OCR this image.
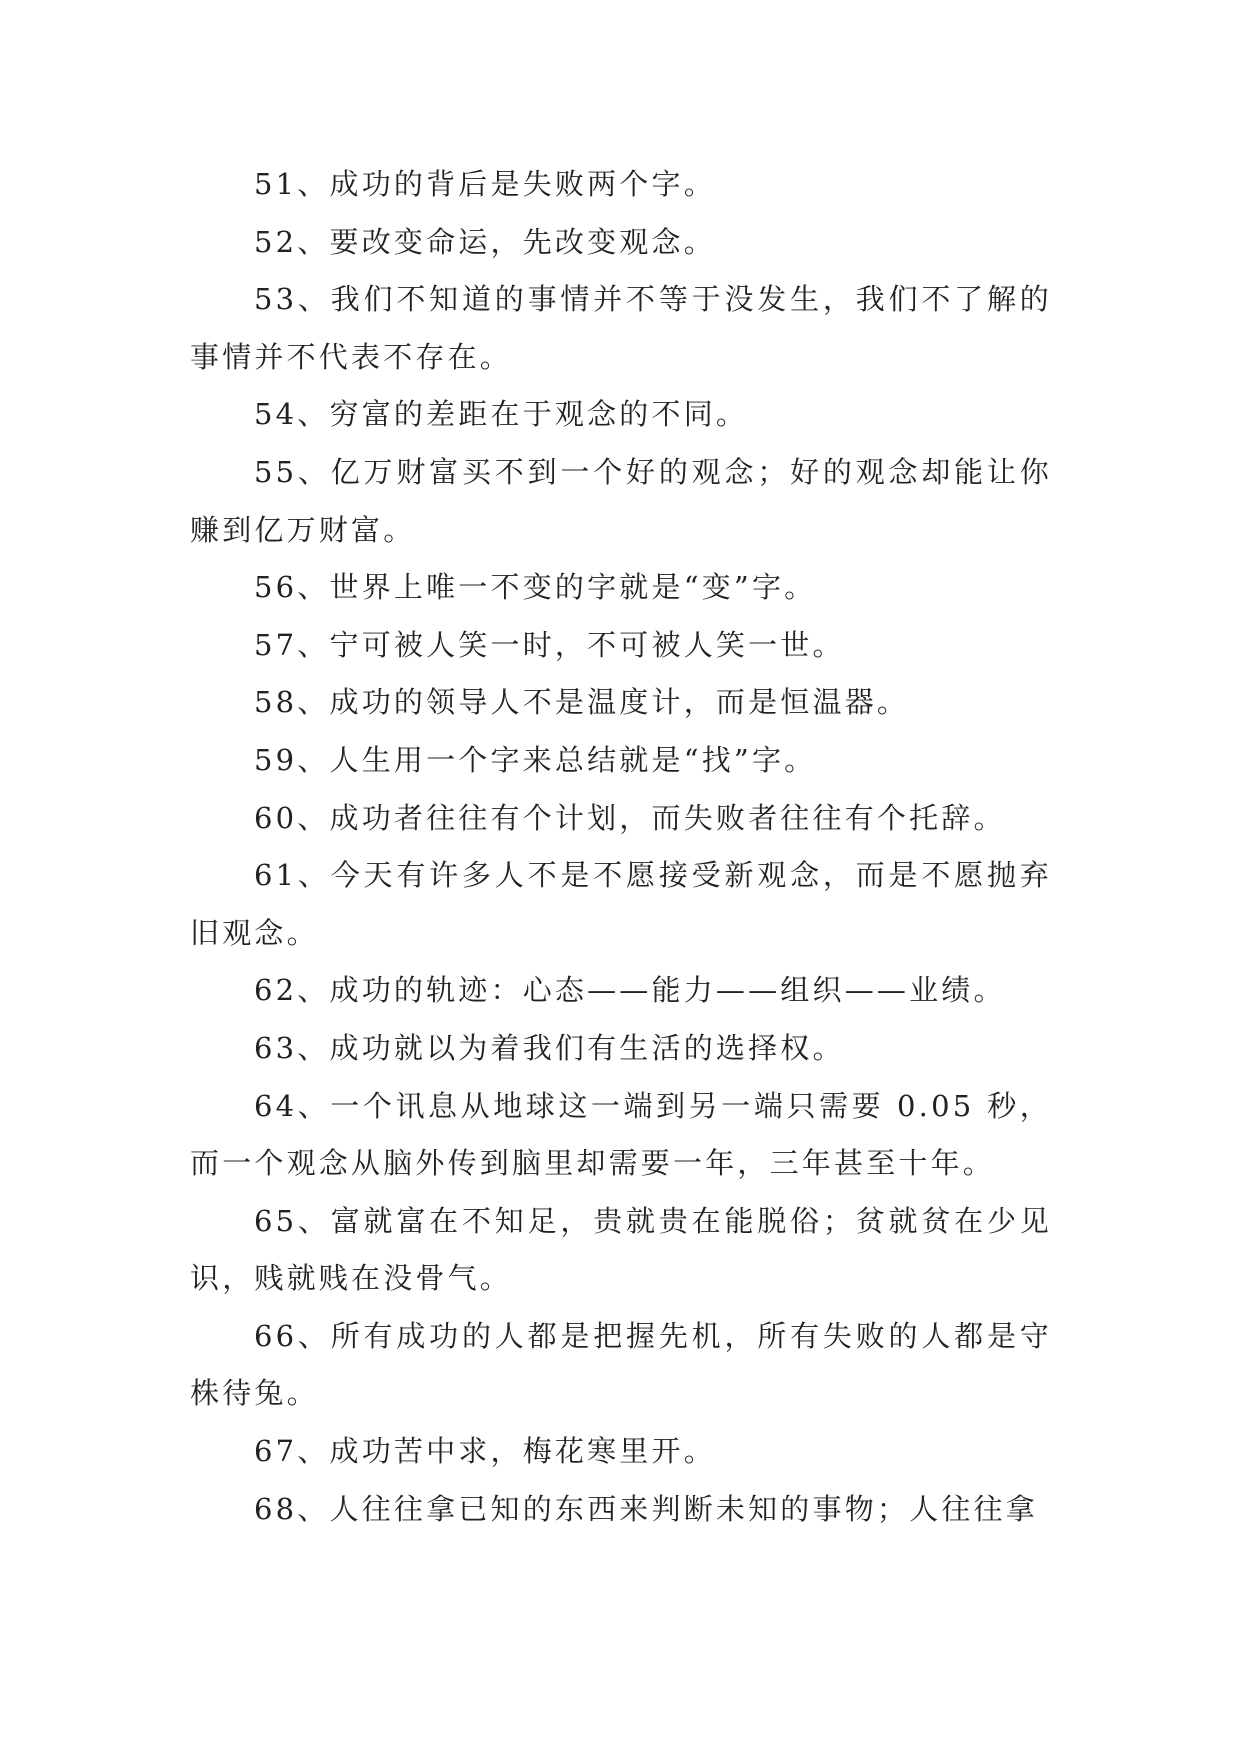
51、成功的背后是失败两个字。

52、要改变命运，先改变观念。

53、我们不知道的事情并不等于没发生，我们不了解的事情并不代表不存在。

54、穷富的差距在于观念的不同。

55、亿万财富买不到一个好的观念；好的观念却能让你赚到亿万财富。

56、世界上唯一不变的字就是“变”字。

57、宁可被人笑一时，不可被人笑一世。

58、成功的领导人不是温度计，而是恒温器。

59、人生用一个字来总结就是“找”字。

60、成功者往往有个计划，而失败者往往有个托辞。

61、今天有许多人不是不愿接受新观念，而是不愿抛弃旧观念。

62、成功的轨迹：心态——能力——组织——业绩。

63、成功就以为着我们有生活的选择权。

64、一个讯息从地球这一端到另一端只需要 0.05 秒，而一个观念从脑外传到脑里却需要一年，三年甚至十年。

65、富就富在不知足，贵就贵在能脱俗；贫就贫在少见识，贱就贱在没骨气。

66、所有成功的人都是把握先机，所有失败的人都是守株待兔。

67、成功苦中求，梅花寒里开。

68、人往往拿已知的东西来判断未知的事物；人往往拿
